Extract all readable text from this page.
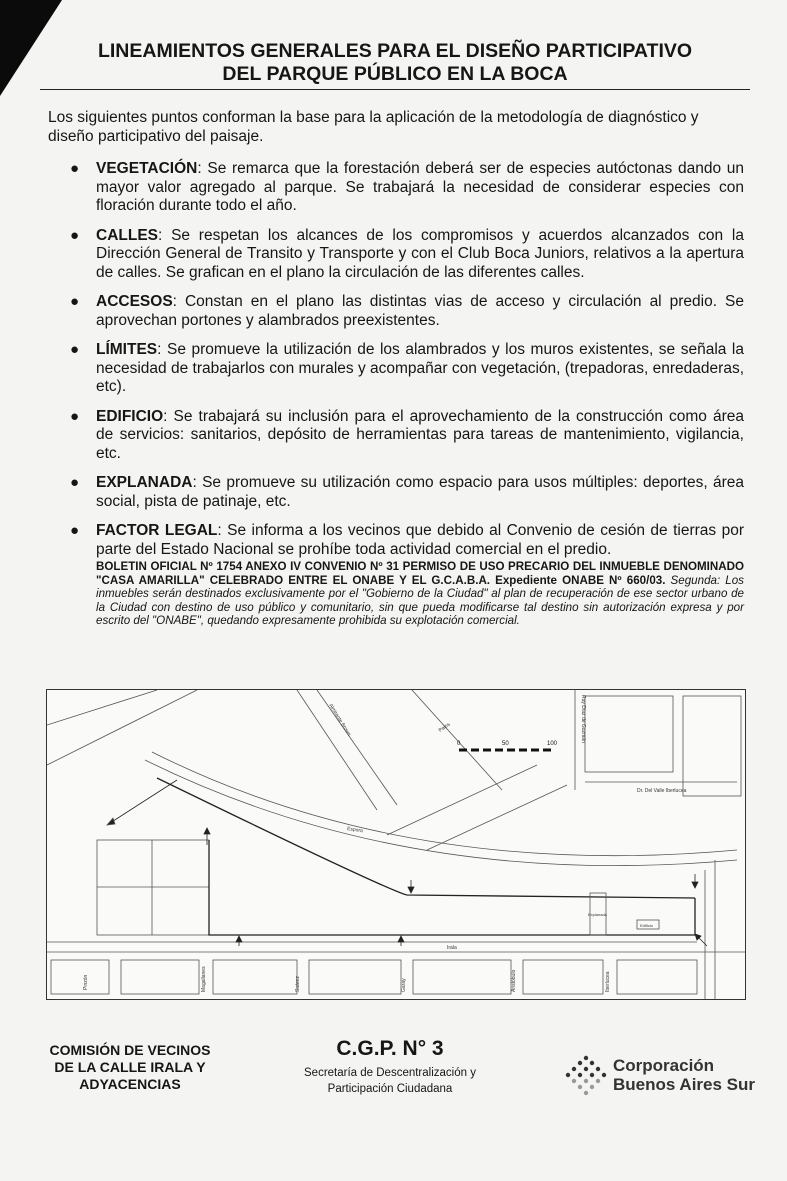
LINEAMIENTOS GENERALES PARA EL DISEÑO PARTICIPATIVO
DEL PARQUE PÚBLICO EN LA BOCA

Los siguientes puntos conforman la base para la aplicación de la metodología de diagnóstico y diseño participativo del paisaje.

● VEGETACIÓN: Se remarca que la forestación deberá ser de especies autóctonas dando un mayor valor agregado al parque. Se trabajará la necesidad de considerar especies con floración durante todo el año.
● CALLES: Se respetan los alcances de los compromisos y acuerdos alcanzados con la Dirección General de Transito y Transporte y con el Club Boca Juniors, relativos a la apertura de calles. Se grafican en el plano la circulación de las diferentes calles.
● ACCESOS: Constan en el plano las distintas vias de acceso y circulación al predio. Se aprovechan portones y alambrados preexistentes.
● LÍMITES: Se promueve la utilización de los alambrados y los muros existentes, se señala la necesidad de trabajarlos con murales y acompañar con vegetación, (trepadoras, enredaderas, etc).
● EDIFICIO: Se trabajará su inclusión para el aprovechamiento de la construcción como área de servicios: sanitarios, depósito de herramientas para tareas de mantenimiento, vigilancia, etc.
● EXPLANADA: Se promueve su utilización como espacio para usos múltiples: deportes, área social, pista de patinaje, etc.
● FACTOR LEGAL: Se informa a los vecinos que debido al Convenio de cesión de tierras por parte del Estado Nacional se prohíbe toda actividad comercial en el predio.
BOLETIN OFICIAL Nº 1754 ANEXO IV CONVENIO Nº 31 PERMISO DE USO PRECARIO DEL INMUEBLE DENOMINADO "CASA AMARILLA" CELEBRADO ENTRE EL ONABE Y EL G.C.A.B.A. Expediente ONABE Nº 660/03. Segunda: Los inmuebles serán destinados exclusivamente por el "Gobierno de la Ciudad" al plan de recuperación de ese sector urbano de la Ciudad con destino de uso público y comunitario, sin que pueda modificarse tal destino sin autorización expresa y por escrito del "ONABE", quedando expresamente prohibida su explotación comercial.
0	50	100
Explanada
Edificio
Irala
Almirante Brown	Palos	Ruy Díaz de Guzmán
Dr. Del Valle Iberlucea
Espora
Pinzón	Magallanes	Suárez	Garay	Aristóbulo	Iberlucea
COMISIÓN DE VECINOS
DE LA CALLE IRALA Y
ADYACENCIAS
C.G.P. N° 3
Secretaría de Descentralización y
Participación Ciudadana
Corporación
Buenos Aires Sur
